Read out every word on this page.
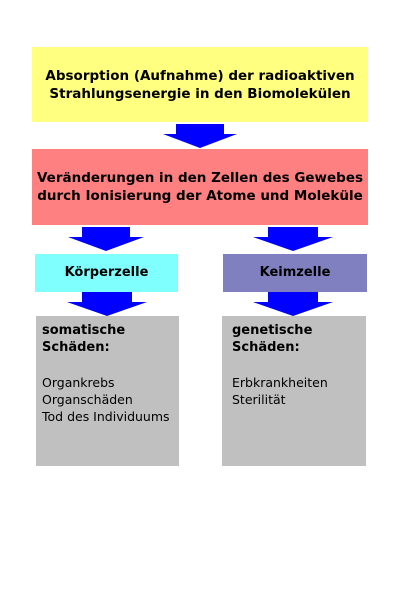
Absorption (Aufnahme) der radioaktiven
Strahlungsenergie in den Biomolekülen
Veränderungen in den Zellen des Gewebes
durch Ionisierung der Atome und Moleküle
Körperzelle	Keimzelle
somatische
Schäden:
Organkrebs
Organschäden
Tod des Individuums
genetische
Schäden:
Erbkrankheiten
Sterilität
